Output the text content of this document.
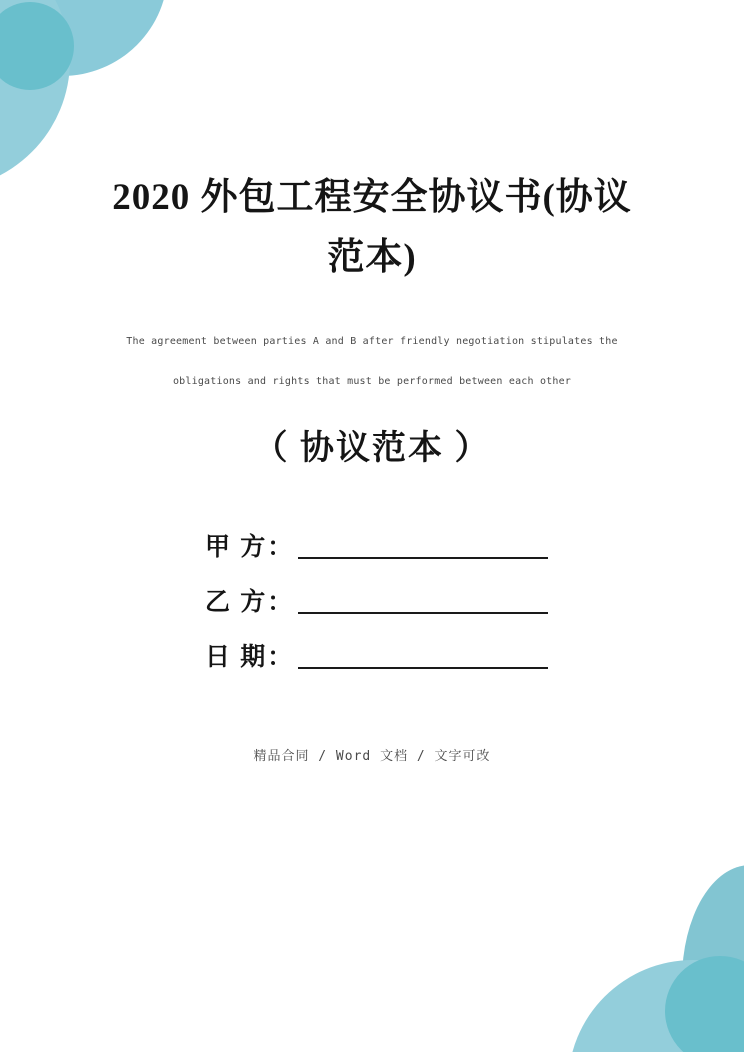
2020 外包工程安全协议书(协议
范本)
The agreement between parties A and B after friendly negotiation stipulates the
obligations and rights that must be performed between each other
（ 协议范本 ）
甲 方：
乙 方：
日 期：
精品合同 / Word 文档 / 文字可改
